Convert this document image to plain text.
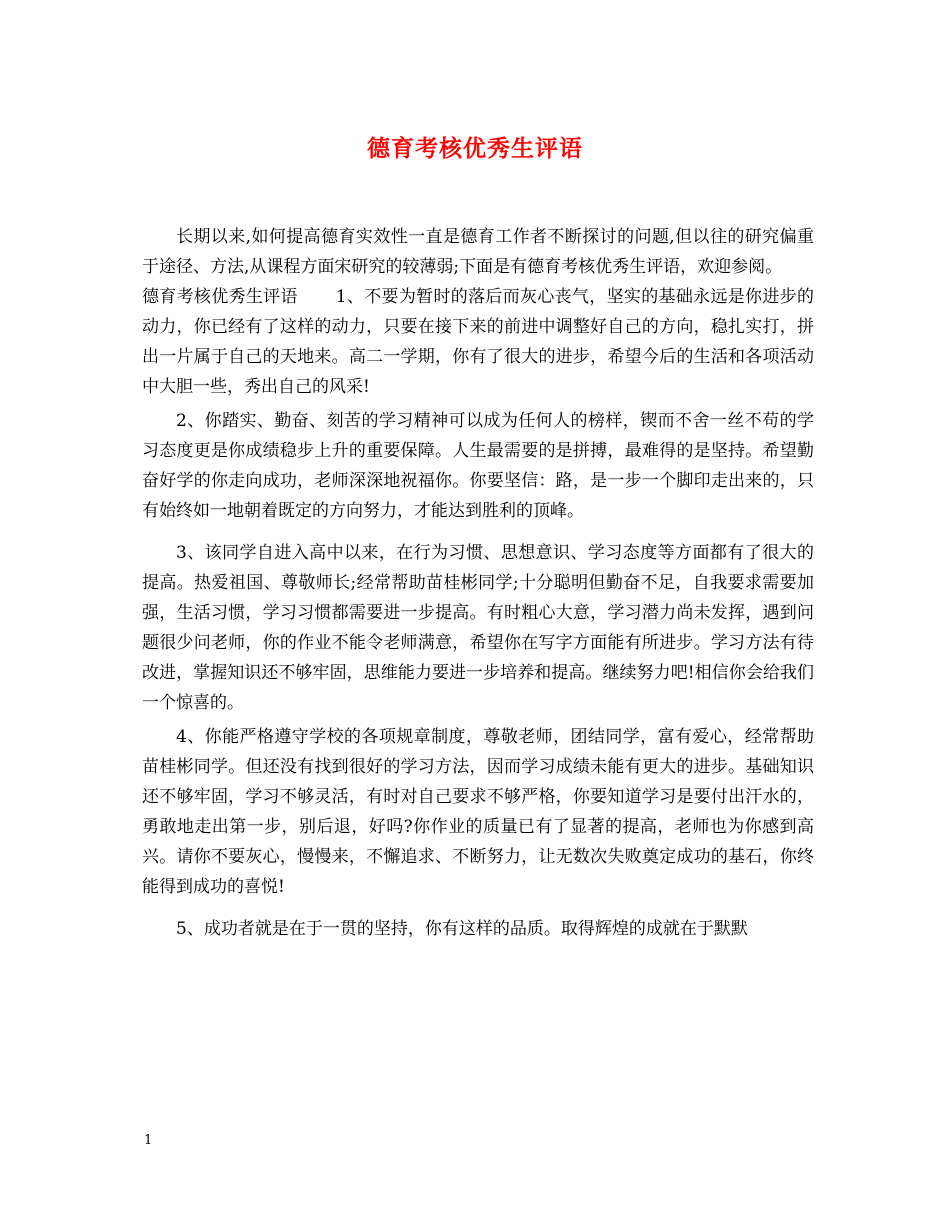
德育考核优秀生评语

长期以来,如何提高德育实效性一直是德育工作者不断探讨的问题,但以往的研究偏重于途径、方法,从课程方面宋研究的较薄弱;下面是有德育考核优秀生评语，欢迎参阅。

德育考核优秀生评语 1、不要为暂时的落后而灰心丧气，坚实的基础永远是你进步的动力，你已经有了这样的动力，只要在接下来的前进中调整好自己的方向，稳扎实打，拼出一片属于自己的天地来。高二一学期，你有了很大的进步，希望今后的生活和各项活动中大胆一些，秀出自己的风采!

2、你踏实、勤奋、刻苦的学习精神可以成为任何人的榜样，锲而不舍一丝不苟的学习态度更是你成绩稳步上升的重要保障。人生最需要的是拼搏，最难得的是坚持。希望勤奋好学的你走向成功，老师深深地祝福你。你要坚信：路，是一步一个脚印走出来的，只有始终如一地朝着既定的方向努力，才能达到胜利的顶峰。

3、该同学自进入高中以来，在行为习惯、思想意识、学习态度等方面都有了很大的提高。热爱祖国、尊敬师长;经常帮助苗桂彬同学;十分聪明但勤奋不足，自我要求需要加强，生活习惯，学习习惯都需要进一步提高。有时粗心大意，学习潜力尚未发挥，遇到问题很少问老师，你的作业不能令老师满意，希望你在写字方面能有所进步。学习方法有待改进，掌握知识还不够牢固，思维能力要进一步培养和提高。继续努力吧!相信你会给我们一个惊喜的。

4、你能严格遵守学校的各项规章制度，尊敬老师，团结同学，富有爱心，经常帮助苗桂彬同学。但还没有找到很好的学习方法，因而学习成绩未能有更大的进步。基础知识还不够牢固，学习不够灵活，有时对自己要求不够严格，你要知道学习是要付出汗水的，勇敢地走出第一步，别后退，好吗?你作业的质量已有了显著的提高，老师也为你感到高兴。请你不要灰心，慢慢来，不懈追求、不断努力，让无数次失败奠定成功的基石，你终能得到成功的喜悦!

5、成功者就是在于一贯的坚持，你有这样的品质。取得辉煌的成就在于默默

1
